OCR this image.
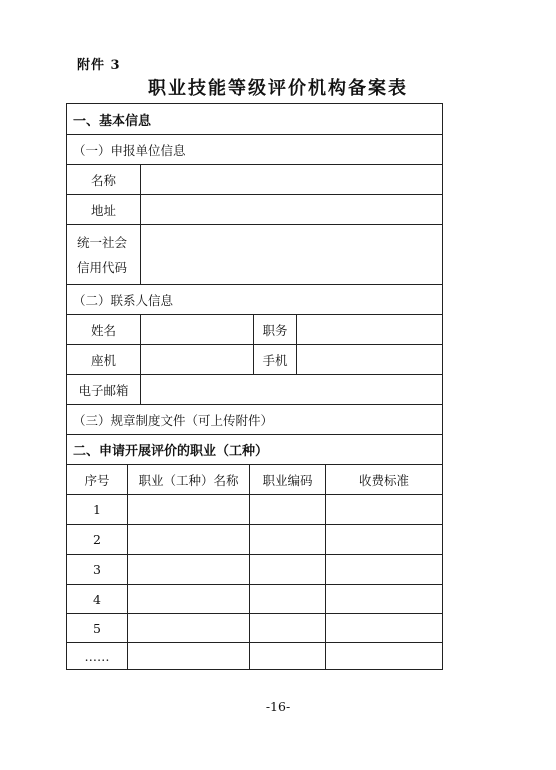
附件 3
职业技能等级评价机构备案表
一、基本信息
（一）申报单位信息
名称
地址
统一社会
信用代码
（二）联系人信息
姓名	职务
座机	手机
电子邮箱
（三）规章制度文件（可上传附件）
二、申请开展评价的职业（工种）
序号	职业（工种）名称	职业编码	收费标准
1
2
3
4
5
……
-16-
